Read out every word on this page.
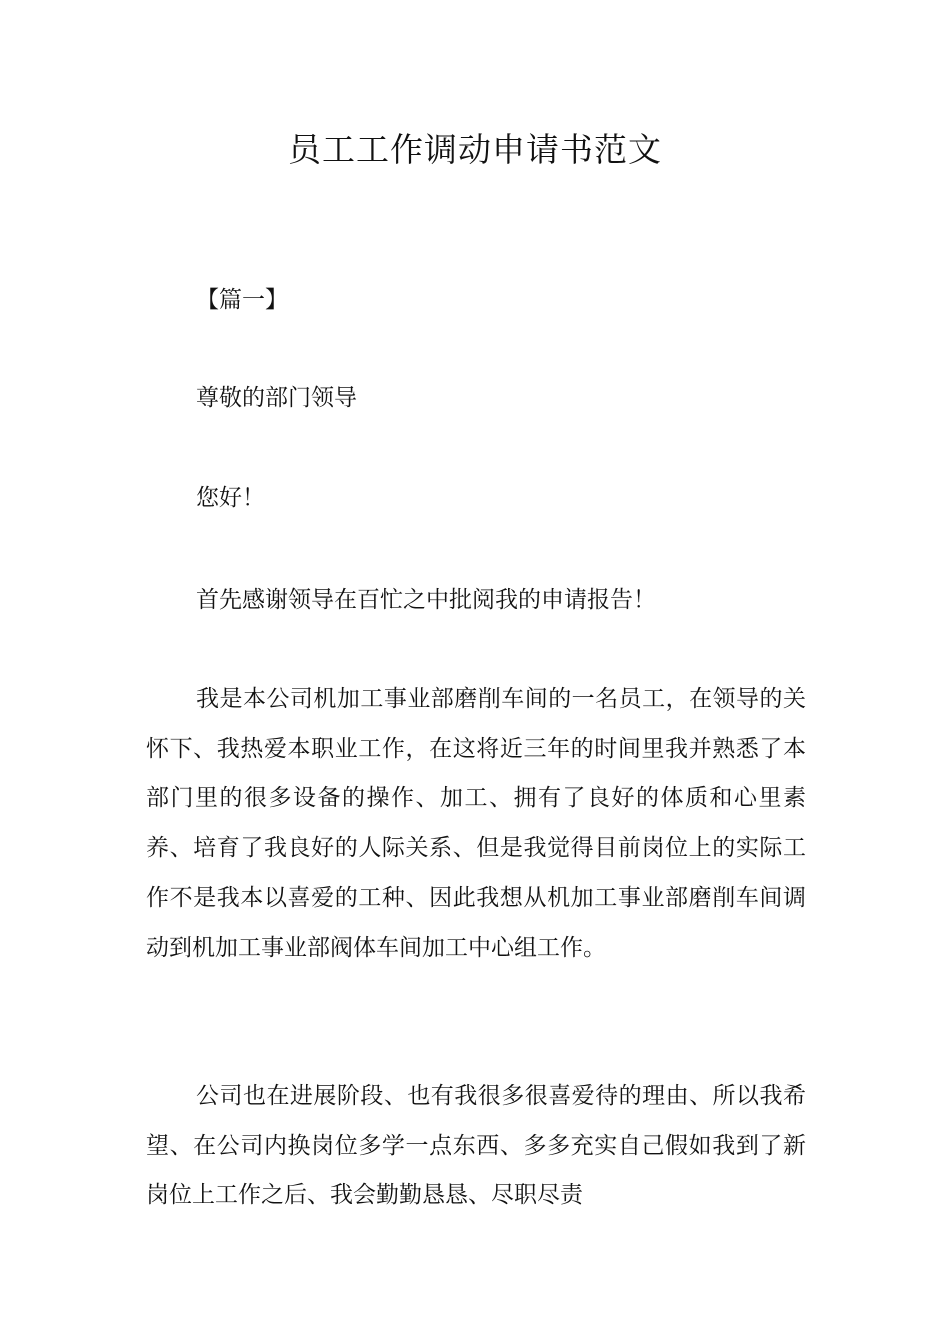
员工工作调动申请书范文

【篇一】

尊敬的部门领导

您好！

首先感谢领导在百忙之中批阅我的申请报告！

我是本公司机加工事业部磨削车间的一名员工，在领导的关怀下、我热爱本职业工作，在这将近三年的时间里我并熟悉了本部门里的很多设备的操作、加工、拥有了良好的体质和心里素养、培育了我良好的人际关系、但是我觉得目前岗位上的实际工作不是我本以喜爱的工种、因此我想从机加工事业部磨削车间调动到机加工事业部阀体车间加工中心组工作。

公司也在进展阶段、也有我很多很喜爱待的理由、所以我希望、在公司内换岗位多学一点东西、多多充实自己假如我到了新岗位上工作之后、我会勤勤恳恳、尽职尽责
